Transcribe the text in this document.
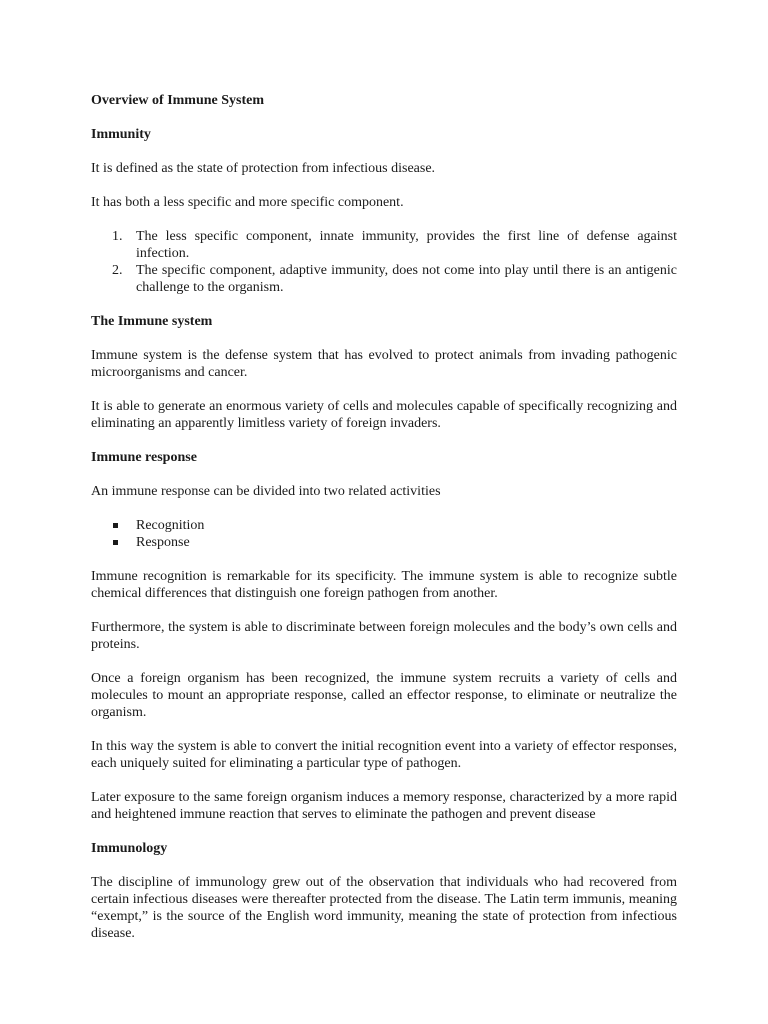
Overview of Immune System
Immunity

It is defined as the state of protection from infectious disease.

It has both a less specific and more specific component.

1. The less specific component, innate immunity, provides the first line of defense against infection.
2. The specific component, adaptive immunity, does not come into play until there is an antigenic challenge to the organism.
The Immune system

Immune system is the defense system that has evolved to protect animals from invading pathogenic microorganisms and cancer.

It is able to generate an enormous variety of cells and molecules capable of specifically recognizing and eliminating an apparently limitless variety of foreign invaders.

Immune response

An immune response can be divided into two related activities

Recognition
Response

Immune recognition is remarkable for its specificity. The immune system is able to recognize subtle chemical differences that distinguish one foreign pathogen from another.

Furthermore, the system is able to discriminate between foreign molecules and the body’s own cells and proteins.

Once a foreign organism has been recognized, the immune system recruits a variety of cells and molecules to mount an appropriate response, called an effector response, to eliminate or neutralize the organism.

In this way the system is able to convert the initial recognition event into a variety of effector responses, each uniquely suited for eliminating a particular type of pathogen.

Later exposure to the same foreign organism induces a memory response, characterized by a more rapid and heightened immune reaction that serves to eliminate the pathogen and prevent disease

Immunology

The discipline of immunology grew out of the observation that individuals who had recovered from certain infectious diseases were thereafter protected from the disease. The Latin term immunis, meaning “exempt,” is the source of the English word immunity, meaning the state of protection from infectious disease.
